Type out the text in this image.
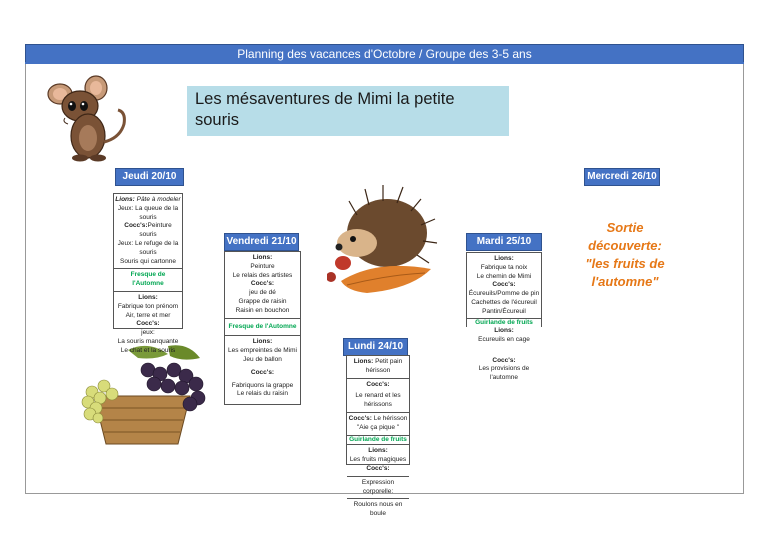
Planning des vacances d'Octobre / Groupe des 3-5 ans
Les mésaventures de Mimi la petite souris
Jeudi 20/10
Lions: Pâte à modeler
Jeux: La queue de la souris
Cocc's:Peinture souris
Jeux: Le refuge de la souris
Souris qui cartonne
Fresque de l'Automne
Lions:
Fabrique ton prénom
Air, terre et mer
Cocc's:
jeux:
La souris manquante
Le chat et la souris
Vendredi 21/10
Lions:
Peinture
Le relais des artistes
Cocc's:
jeu de dé
Grappe de raisin
Raisin en bouchon
Fresque de l'Automne
Lions:
Les empreintes de Mimi
Jeu de ballon
Cocc's:
Fabriquons la grappe
Le relais du raisin
Lundi 24/10
Lions: Petit pain hérisson
Cocc's:
Le renard et les hérissons
Cocc's: Le hérisson
"Aie ça pique "
Guirlande de fruits
Lions:
Les fruits magiques
Cocc's:
Expression corporelle:
Roulons nous en boule
Mardi 25/10
Lions:
Fabrique ta noix
Le chemin de Mimi
Cocc's:
Écureuils/Pomme de pin
Cachettes de l'écureuil
Pantin/Écureuil
Guirlande de fruits
Lions:
Ecureuils en cage
Cocc's:
Les provisions de l'automne
Mercredi 26/10
Sortie découverte: "les fruits de l'automne"
